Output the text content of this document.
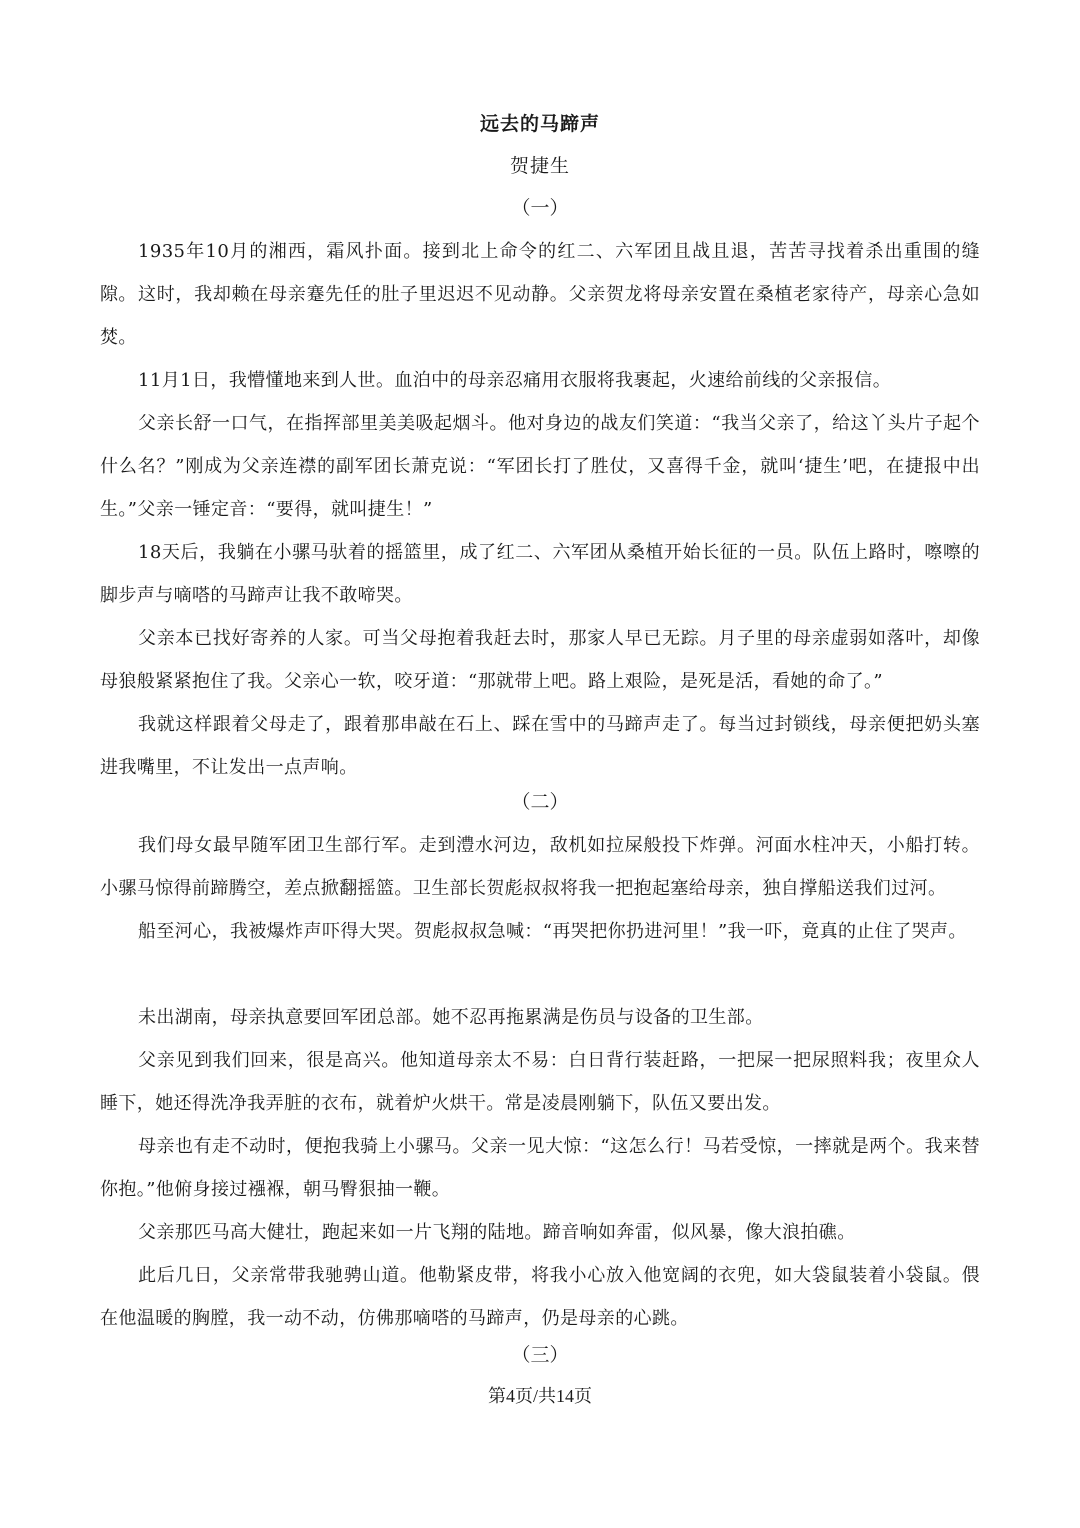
远去的马蹄声
贺捷生
（一）

1935年10月的湘西，霜风扑面。接到北上命令的红二、六军团且战且退，苦苦寻找着杀出重围的缝隙。 这时，我却赖在母亲蹇先任的肚子里迟迟不见动静。父亲贺龙将母亲安置在桑植老家待产，母亲心急如焚。

11月1日，我懵懂地来到人世。血泊中的母亲忍痛用衣服将我裹起，火速给前线的父亲报信。

父亲长舒一口气，在指挥部里美美吸起烟斗。他对身边的战友们笑道：“我当父亲了，给这丫头片子起个什么名？”刚成为父亲连襟的副军团长萧克说：“军团长打了胜仗，又喜得千金，就叫‘捷生’吧，在捷报中出生。”父亲一锤定音：“要得，就叫捷生！”

18天后，我躺在小骡马驮着的摇篮里，成了红二、六军团从桑植开始长征的一员。队伍上路时，嚓嚓的脚步声与嘀嗒的马蹄声让我不敢啼哭。

父亲本已找好寄养的人家。可当父母抱着我赶去时，那家人早已无踪。月子里的母亲虚弱如落叶，却像母狼般紧紧抱住了我。父亲心一软，咬牙道：“那就带上吧。路上艰险，是死是活，看她的命了。”

我就这样跟着父母走了，跟着那串敲在石上、踩在雪中的马蹄声走了。每当过封锁线，母亲便把奶头塞进我嘴里，不让发出一点声响。

（二）

我们母女最早随军团卫生部行军。走到澧水河边，敌机如拉屎般投下炸弹。河面水柱冲天，小船打转。小骡马惊得前蹄腾空，差点掀翻摇篮。卫生部长贺彪叔叔将我一把抱起塞给母亲，独自撑船送我们过河。

船至河心，我被爆炸声吓得大哭。贺彪叔叔急喊：“再哭把你扔进河里！”我一吓，竟真的止住了哭声。

未出湖南，母亲执意要回军团总部。她不忍再拖累满是伤员与设备的卫生部。

父亲见到我们回来，很是高兴。他知道母亲太不易：白日背行装赶路，一把屎一把尿照料我；夜里众人睡下，她还得洗净我弄脏的衣布，就着炉火烘干。常是凌晨刚躺下，队伍又要出发。

母亲也有走不动时，便抱我骑上小骡马。父亲一见大惊：“这怎么行！马若受惊，一摔就是两个。我来替你抱。”他俯身接过襁褓，朝马臀狠抽一鞭。

父亲那匹马高大健壮，跑起来如一片飞翔的陆地。蹄音响如奔雷，似风暴，像大浪拍礁。

此后几日，父亲常带我驰骋山道。他勒紧皮带，将我小心放入他宽阔的衣兜，如大袋鼠装着小袋鼠。偎在他温暖的胸膛，我一动不动，仿佛那嘀嗒的马蹄声，仍是母亲的心跳。

（三）
第4页/共14页
